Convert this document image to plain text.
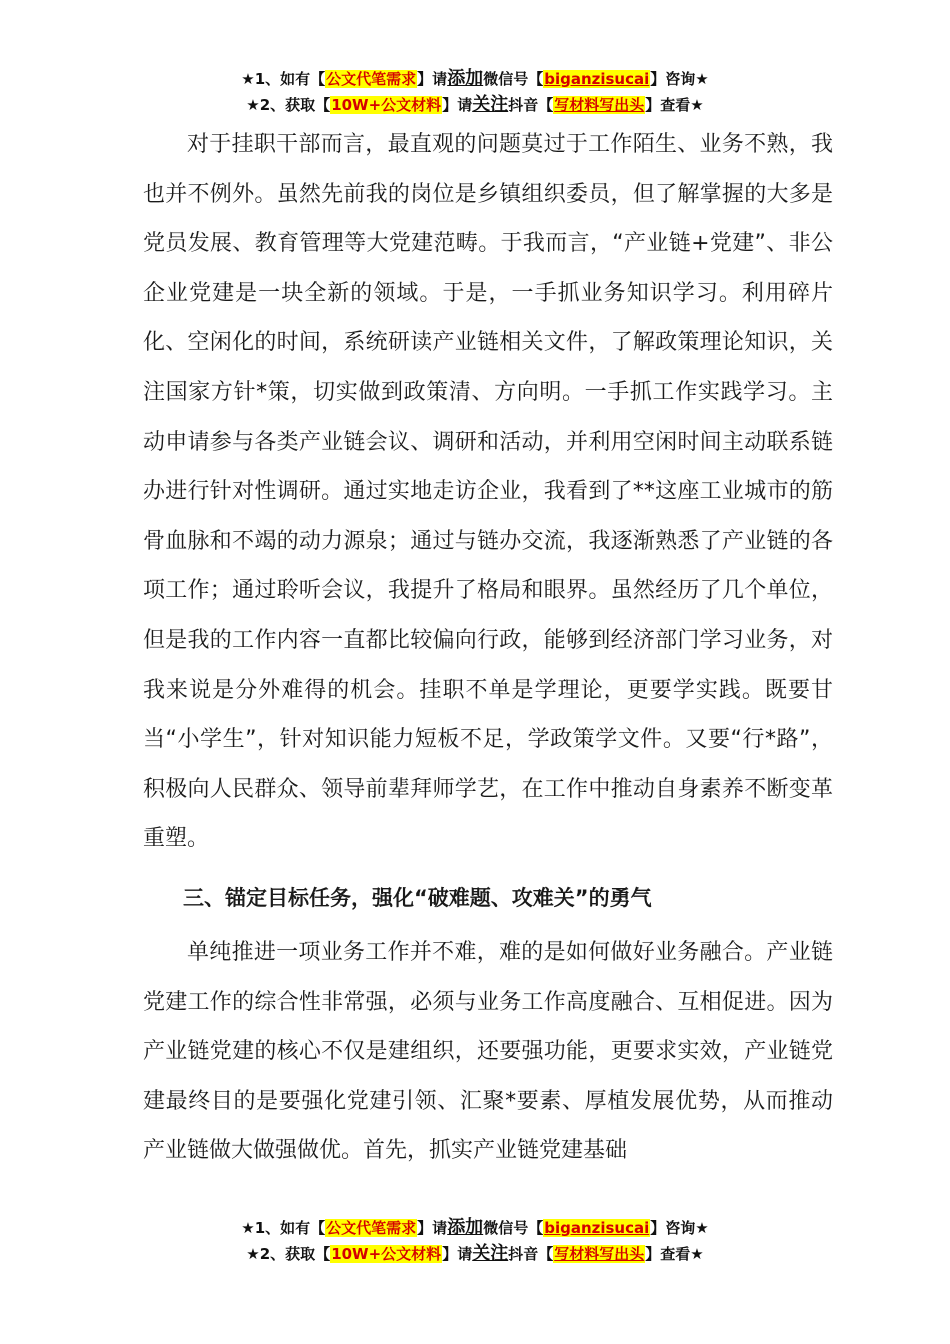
★1、如有【公文代笔需求】请添加微信号【biganzisucai】咨询★
★2、获取【10W+公文材料】请关注抖音【写材料写出头】查看★

对于挂职干部而言，最直观的问题莫过于工作陌生、业务不熟，我也并不例外。虽然先前我的岗位是乡镇组织委员，但了解掌握的大多是党员发展、教育管理等大党建范畴。于我而言，“产业链+党建”、非公企业党建是一块全新的领域。于是，一手抓业务知识学习。利用碎片化、空闲化的时间，系统研读产业链相关文件，了解政策理论知识，关注国家方针*策，切实做到政策清、方向明。一手抓工作实践学习。主动申请参与各类产业链会议、调研和活动，并利用空闲时间主动联系链办进行针对性调研。通过实地走访企业，我看到了**这座工业城市的筋骨血脉和不竭的动力源泉；通过与链办交流，我逐渐熟悉了产业链的各项工作；通过聆听会议，我提升了格局和眼界。虽然经历了几个单位，但是我的工作内容一直都比较偏向行政，能够到经济部门学习业务，对我来说是分外难得的机会。挂职不单是学理论，更要学实践。既要甘当“小学生”，针对知识能力短板不足，学政策学文件。又要“行*路”，积极向人民群众、领导前辈拜师学艺，在工作中推动自身素养不断变革重塑。

三、锚定目标任务，强化“破难题、攻难关”的勇气

单纯推进一项业务工作并不难，难的是如何做好业务融合。产业链党建工作的综合性非常强，必须与业务工作高度融合、互相促进。因为产业链党建的核心不仅是建组织，还要强功能，更要求实效，产业链党建最终目的是要强化党建引领、汇聚*要素、厚植发展优势，从而推动产业链做大做强做优。首先，抓实产业链党建基础

★1、如有【公文代笔需求】请添加微信号【biganzisucai】咨询★
★2、获取【10W+公文材料】请关注抖音【写材料写出头】查看★
